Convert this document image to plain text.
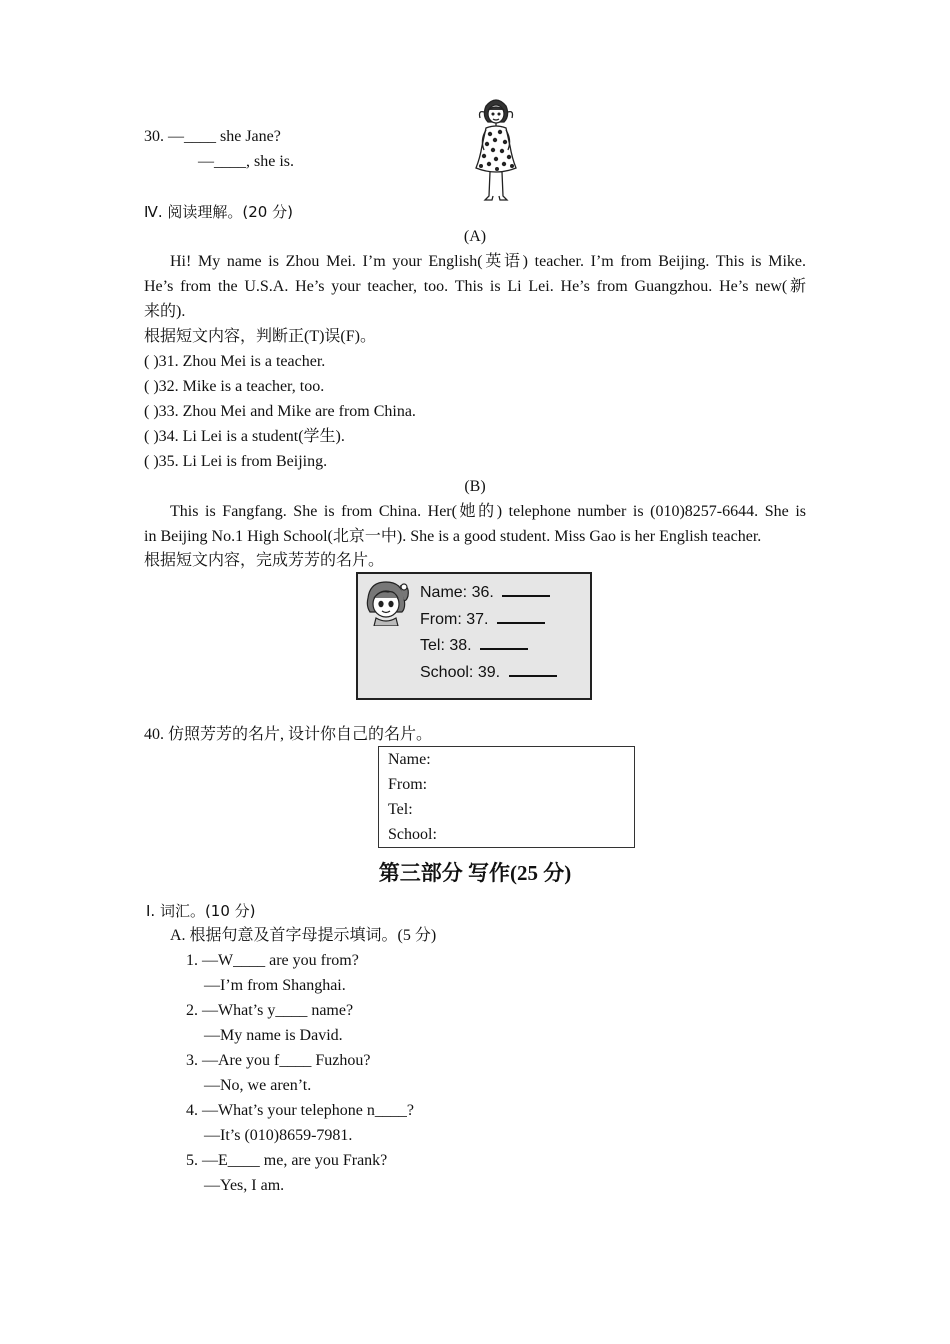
30. —____ she Jane?
—____, she is.
Ⅳ. 阅读理解。(20 分)
(A)
Hi! My name is Zhou Mei. I’m your English(英语) teacher. I’m from Beijing. This is Mike.
He’s from the U.S.A. He’s your teacher, too. This is Li Lei. He’s from Guangzhou. He’s new(新
来的).
根据短文内容，判断正(T)误(F)。
( )31. Zhou Mei is a teacher.
( )32. Mike is a teacher, too.
( )33. Zhou Mei and Mike are from China.
( )34. Li Lei is a student(学生).
( )35. Li Lei is from Beijing.
(B)
This is Fangfang. She is from China. Her(她的) telephone number is (010)8257-6644. She is
in Beijing No.1 High School(北京一中). She is a good student. Miss Gao is her English teacher.
根据短文内容，完成芳芳的名片。
Name: 36.
From: 37.
Tel: 38.
School: 39.
40. 仿照芳芳的名片, 设计你自己的名片。
Name:
From:
Tel:
School:
第三部分 写作(25 分)
Ⅰ. 词汇。(10 分)
A. 根据句意及首字母提示填词。(5 分)
1. —W____ are you from?
—I’m from Shanghai.
2. —What’s y____ name?
—My name is David.
3. —Are you f____ Fuzhou?
—No, we aren’t.
4. —What’s your telephone n____?
—It’s (010)8659-7981.
5. —E____ me, are you Frank?
—Yes, I am.
